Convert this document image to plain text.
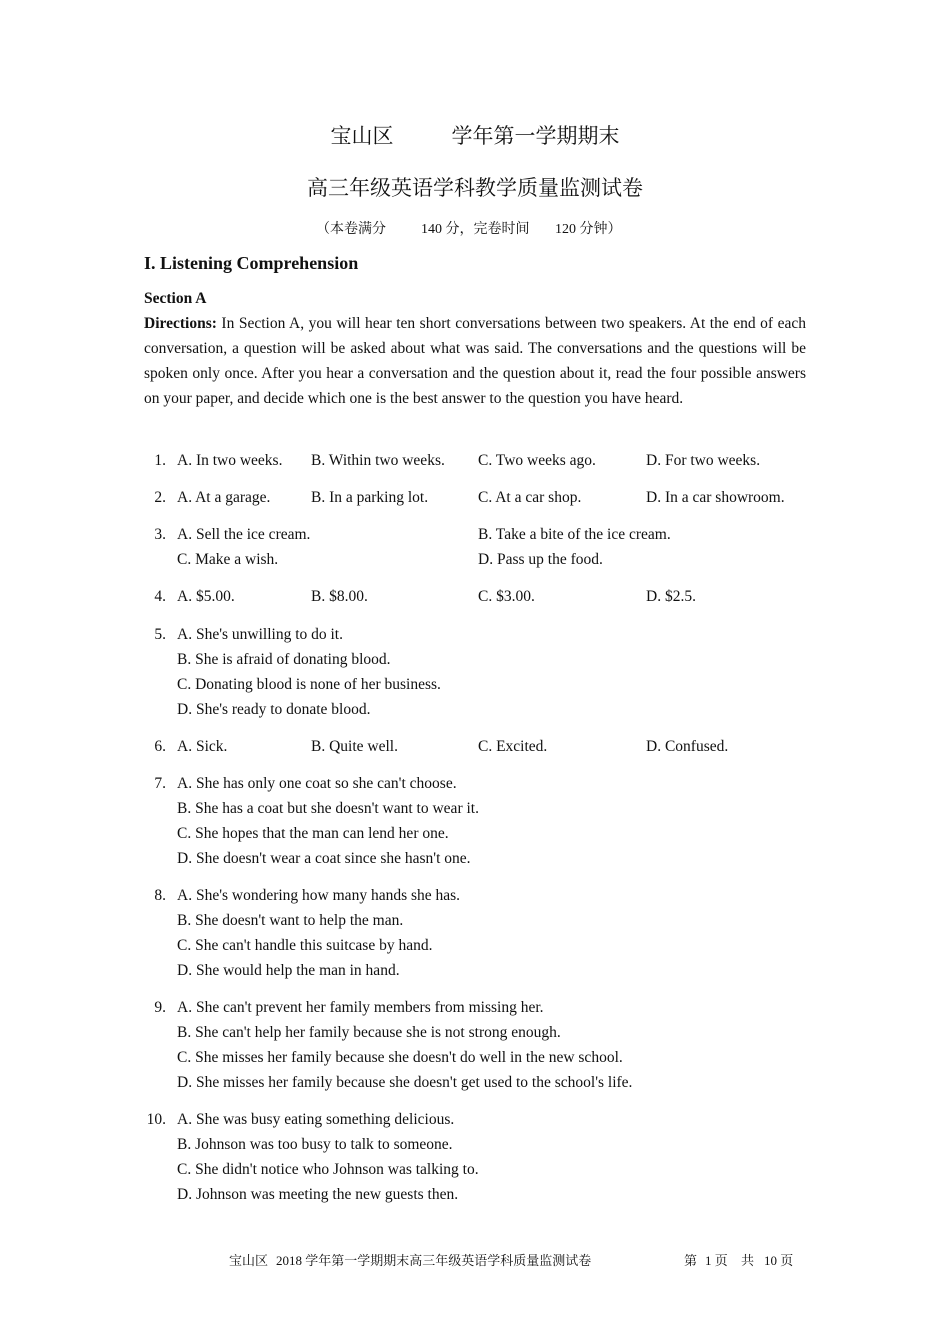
宝山区	学年第一学期期末
高三年级英语学科教学质量监测试卷
（本卷满分	140 分，完卷时间 120 分钟）
I. Listening Comprehension
Section A
Directions: In Section A, you will hear ten short conversations between two speakers. At the end of each conversation, a question will be asked about what was said. The conversations and the questions will be spoken only once. After you hear a conversation and the question about it, read the four possible answers on your paper, and decide which one is the best answer to the question you have heard.
1. A. In two weeks. B. Within two weeks. C. Two weeks ago.	D. For two weeks.
2. A. At a garage.	B. In a parking lot.	C. At a car shop.	D. In a car showroom.
3. A. Sell the ice cream.	B. Take a bite of the ice cream.
C. Make a wish.	D. Pass up the food.
4. A. $5.00.	B. $8.00.	C. $3.00.	D. $2.5.
5. A. She's unwilling to do it.
B. She is afraid of donating blood.
C. Donating blood is none of her business.
D. She's ready to donate blood.
6. A. Sick.	B. Quite well.	C. Excited.	D. Confused.
7. A. She has only one coat so she can't choose.
B. She has a coat but she doesn't want to wear it.
C. She hopes that the man can lend her one.
D. She doesn't wear a coat since she hasn't one.
8. A. She's wondering how many hands she has.
B. She doesn't want to help the man.
C. She can't handle this suitcase by hand.
D. She would help the man in hand.
9. A. She can't prevent her family members from missing her.
B. She can't help her family because she is not strong enough.
C. She misses her family because she doesn't do well in the new school.
D. She misses her family because she doesn't get used to the school's life.
10. A. She was busy eating something delicious.
B. Johnson was too busy to talk to someone.
C. She didn't notice who Johnson was talking to.
D. Johnson was meeting the new guests then.
宝山区 2018 学年第一学期期末高三年级英语学科质量监测试卷	第 1 页 共 10 页
